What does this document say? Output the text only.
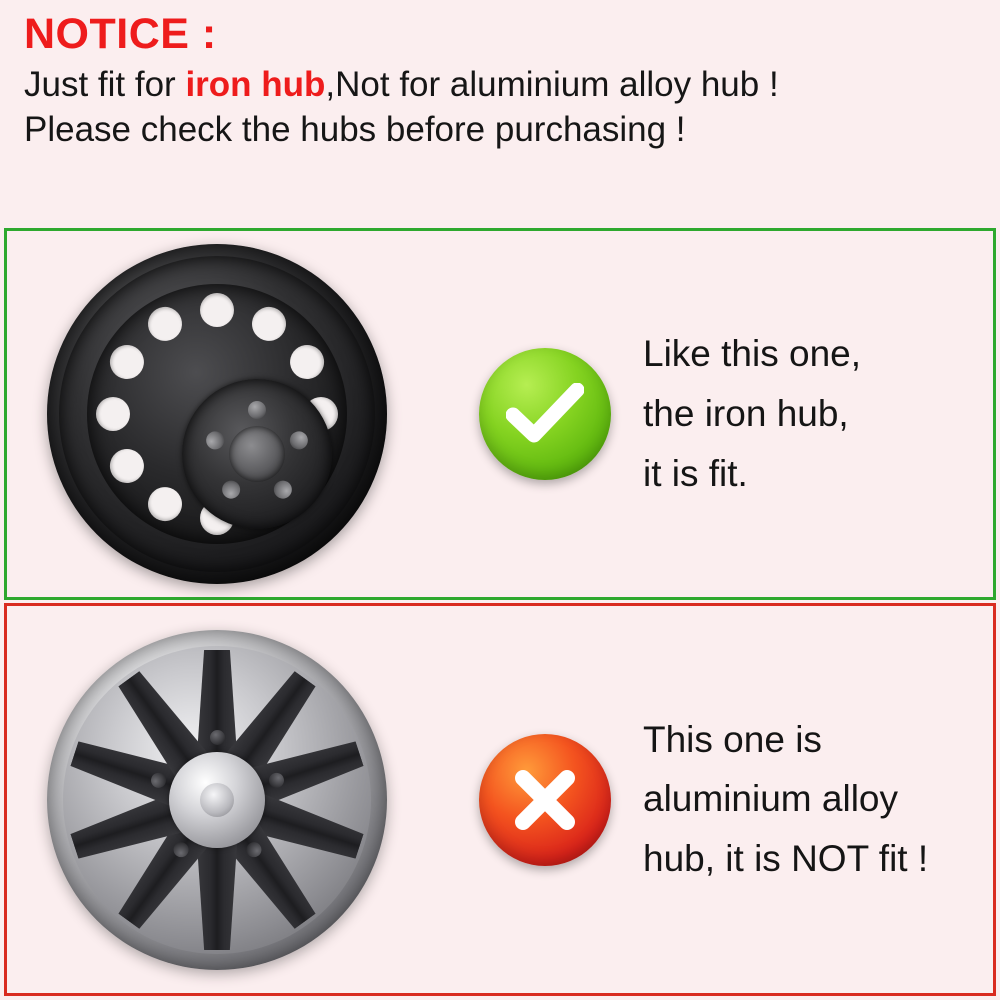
NOTICE :
Just fit for iron hub,Not for aluminium alloy hub !
Please check the hubs before purchasing !
Like this one,
the iron hub,
it is fit.
This one is
aluminium alloy
hub, it is NOT fit !
